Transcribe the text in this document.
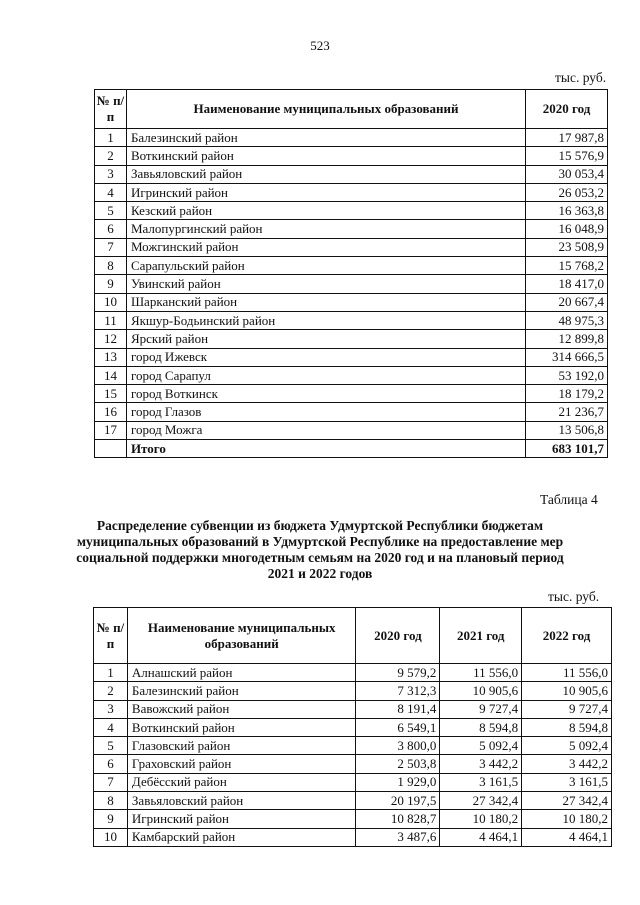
523
тыс. руб.
№ п/п	Наименование муниципальных образований	2020 год
1	Балезинский район	17 987,8
2	Воткинский район	15 576,9
3	Завьяловский район	30 053,4
4	Игринский район	26 053,2
5	Кезский район	16 363,8
6	Малопургинский район	16 048,9
7	Можгинский район	23 508,9
8	Сарапульский район	15 768,2
9	Увинский район	18 417,0
10	Шарканский район	20 667,4
11	Якшур-Бодьинский район	48 975,3
12	Ярский район	12 899,8
13	город Ижевск	314 666,5
14	город Сарапул	53 192,0
15	город Воткинск	18 179,2
16	город Глазов	21 236,7
17	город Можга	13 506,8
	Итого	683 101,7
Таблица 4
Распределение субвенции из бюджета Удмуртской Республики бюджетам муниципальных образований в Удмуртской Республике на предоставление мер социальной поддержки многодетным семьям на 2020 год и на плановый период 2021 и 2022 годов
тыс. руб.
№ п/п	Наименование муниципальных образований	2020 год	2021 год	2022 год
1	Алнашский район	9 579,2	11 556,0	11 556,0
2	Балезинский район	7 312,3	10 905,6	10 905,6
3	Вавожский район	8 191,4	9 727,4	9 727,4
4	Воткинский район	6 549,1	8 594,8	8 594,8
5	Глазовский район	3 800,0	5 092,4	5 092,4
6	Граховский район	2 503,8	3 442,2	3 442,2
7	Дебёсский район	1 929,0	3 161,5	3 161,5
8	Завьяловский район	20 197,5	27 342,4	27 342,4
9	Игринский район	10 828,7	10 180,2	10 180,2
10	Камбарский район	3 487,6	4 464,1	4 464,1
